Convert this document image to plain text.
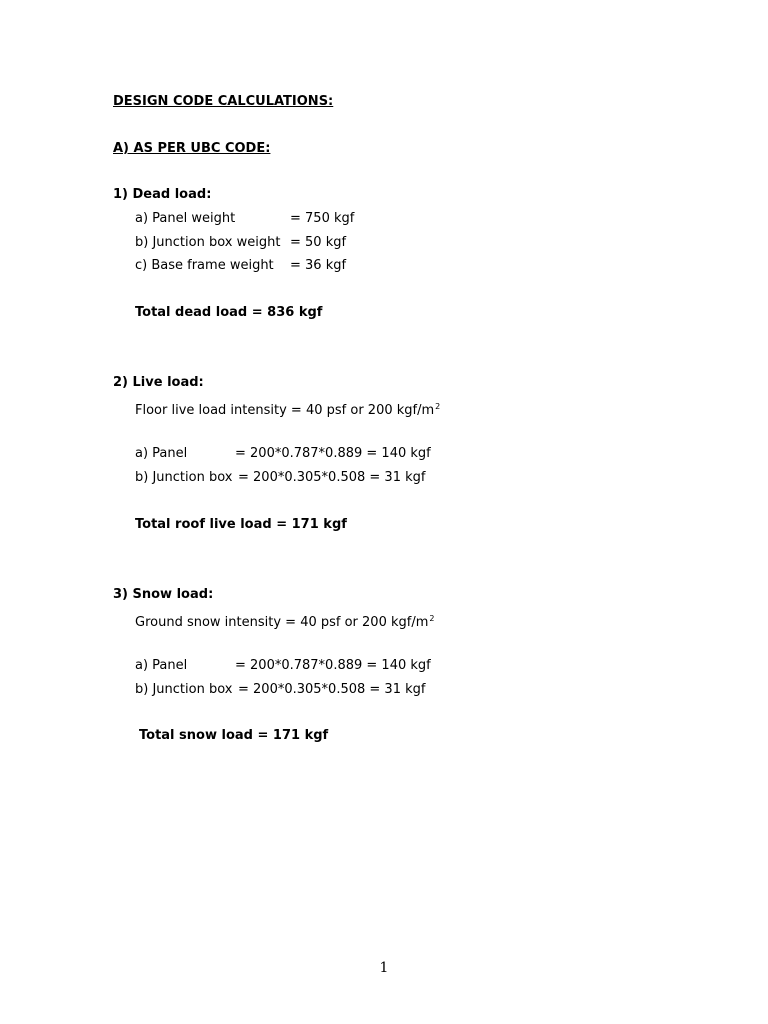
DESIGN CODE CALCULATIONS:
A) AS PER UBC CODE:
1) Dead load:
a) Panel weight	= 750 kgf
b) Junction box weight = 50 kgf
c) Base frame weight = 36 kgf
Total dead load = 836 kgf
2) Live load:
Floor live load intensity = 40 psf or 200 kgf/$m^2$
a) Panel	= 200*0.787*0.889 = 140 kgf
b) Junction box = 200*0.305*0.508 = 31 kgf
Total roof live load = 171 kgf
3) Snow load:
Ground snow intensity = 40 psf or 200 kgf/$m^2$
a) Panel	= 200*0.787*0.889 = 140 kgf
b) Junction box = 200*0.305*0.508 = 31 kgf
Total snow load = 171 kgf
1
